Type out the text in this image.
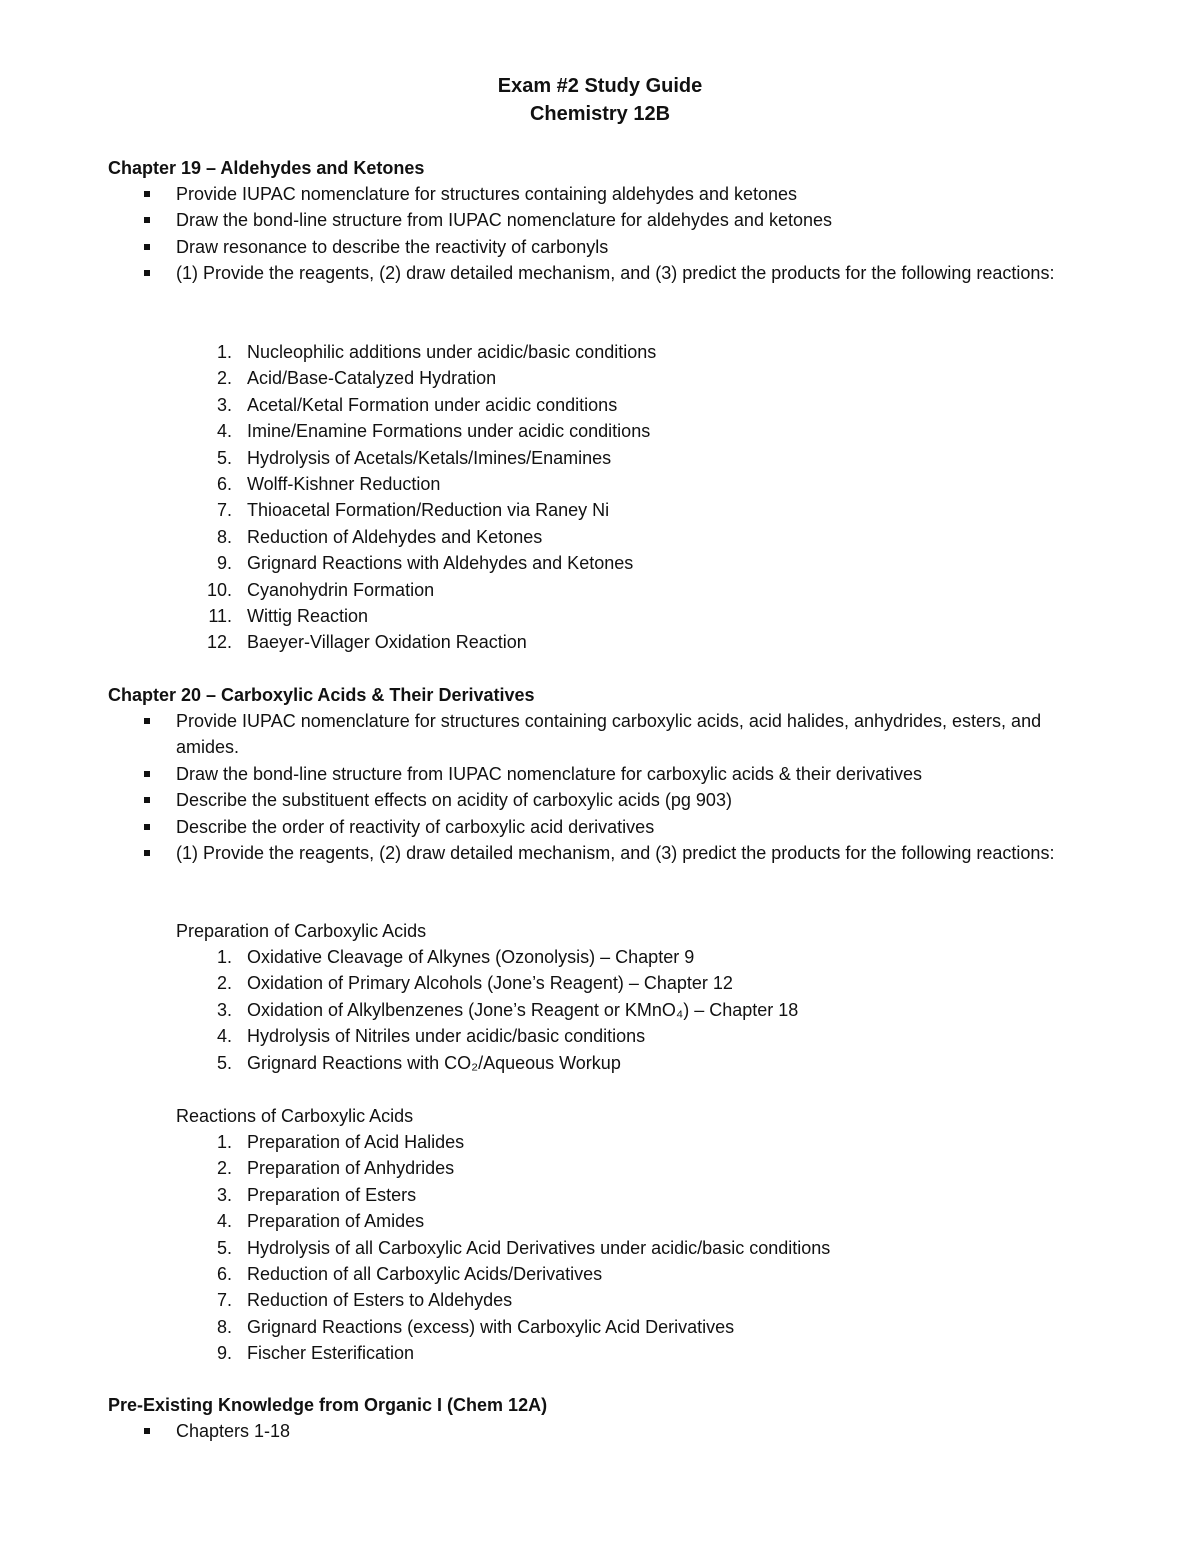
Exam #2 Study Guide
Chemistry 12B
Chapter 19 – Aldehydes and Ketones
Provide IUPAC nomenclature for structures containing aldehydes and ketones
Draw the bond-line structure from IUPAC nomenclature for aldehydes and ketones
Draw resonance to describe the reactivity of carbonyls
(1) Provide the reagents, (2) draw detailed mechanism, and (3) predict the products for the following reactions:
1. Nucleophilic additions under acidic/basic conditions
2. Acid/Base-Catalyzed Hydration
3. Acetal/Ketal Formation under acidic conditions
4. Imine/Enamine Formations under acidic conditions
5. Hydrolysis of Acetals/Ketals/Imines/Enamines
6. Wolff-Kishner Reduction
7. Thioacetal Formation/Reduction via Raney Ni
8. Reduction of Aldehydes and Ketones
9. Grignard Reactions with Aldehydes and Ketones
10. Cyanohydrin Formation
11. Wittig Reaction
12. Baeyer-Villager Oxidation Reaction
Chapter 20 – Carboxylic Acids & Their Derivatives
Provide IUPAC nomenclature for structures containing carboxylic acids, acid halides, anhydrides, esters, and amides.
Draw the bond-line structure from IUPAC nomenclature for carboxylic acids & their derivatives
Describe the substituent effects on acidity of carboxylic acids (pg 903)
Describe the order of reactivity of carboxylic acid derivatives
(1) Provide the reagents, (2) draw detailed mechanism, and (3) predict the products for the following reactions:
Preparation of Carboxylic Acids
1. Oxidative Cleavage of Alkynes (Ozonolysis) – Chapter 9
2. Oxidation of Primary Alcohols (Jone’s Reagent) – Chapter 12
3. Oxidation of Alkylbenzenes (Jone’s Reagent or KMnO₄) – Chapter 18
4. Hydrolysis of Nitriles under acidic/basic conditions
5. Grignard Reactions with CO₂/Aqueous Workup
Reactions of Carboxylic Acids
1. Preparation of Acid Halides
2. Preparation of Anhydrides
3. Preparation of Esters
4. Preparation of Amides
5. Hydrolysis of all Carboxylic Acid Derivatives under acidic/basic conditions
6. Reduction of all Carboxylic Acids/Derivatives
7. Reduction of Esters to Aldehydes
8. Grignard Reactions (excess) with Carboxylic Acid Derivatives
9. Fischer Esterification
Pre-Existing Knowledge from Organic I (Chem 12A)
Chapters 1-18
